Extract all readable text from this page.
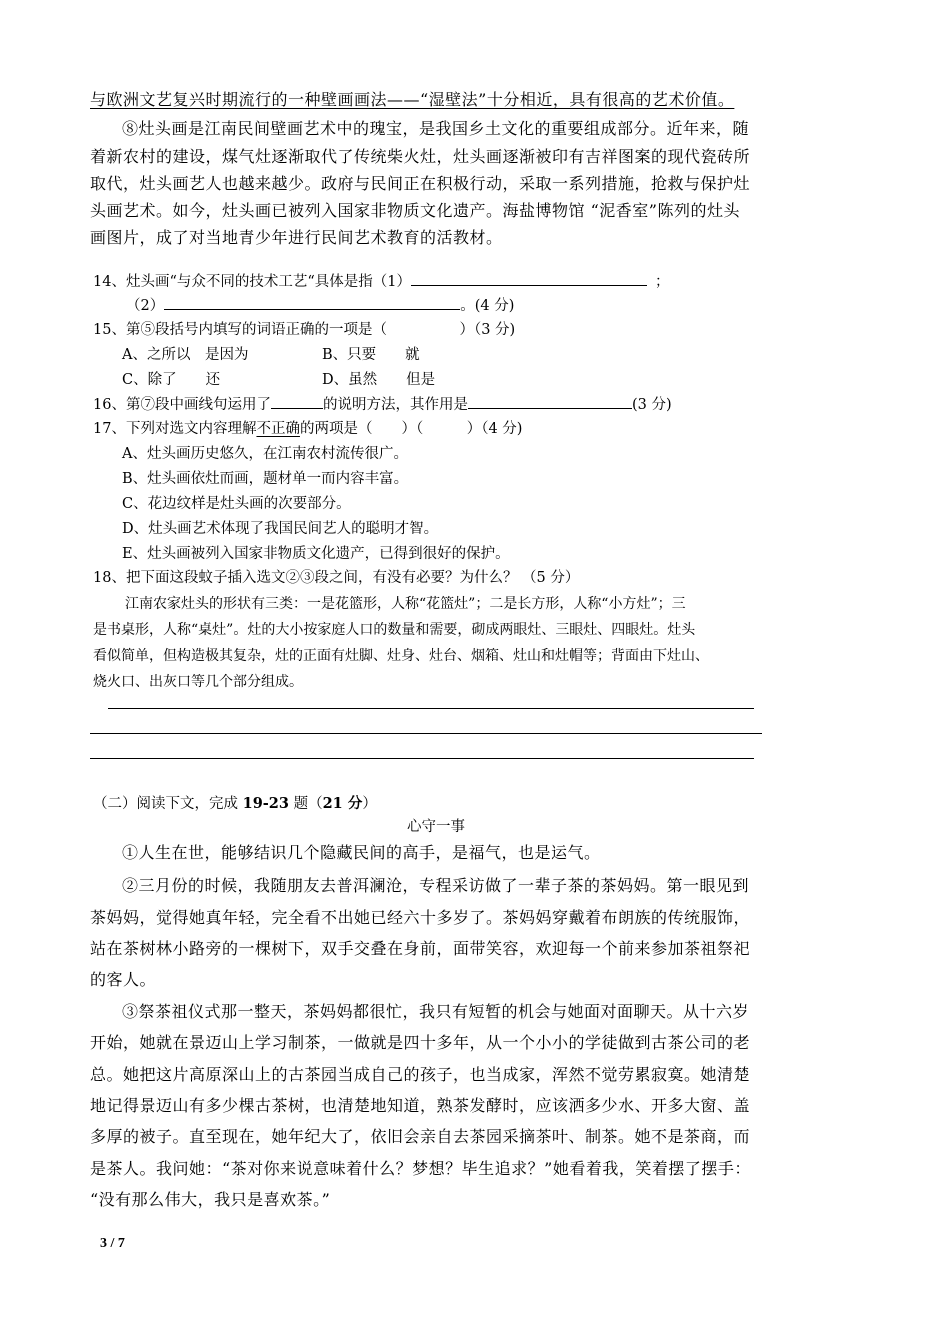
与欧洲文艺复兴时期流行的一种壁画画法——“湿壁法”十分相近，具有很高的艺术价值。
⑧灶头画是江南民间壁画艺术中的瑰宝，是我国乡土文化的重要组成部分。近年来，随
着新农村的建设，煤气灶逐渐取代了传统柴火灶，灶头画逐渐被印有吉祥图案的现代瓷砖所
取代，灶头画艺人也越来越少。政府与民间正在积极行动，采取一系列措施，抢救与保护灶
头画艺术。如今，灶头画已被列入国家非物质文化遗产。海盐博物馆 “泥香室”陈列的灶头
画图片，成了对当地青少年进行民间艺术教育的活教材。
14、灶头画“与众不同的技术工艺“具体是指（1）	；
（2）	。(4 分)
15、第⑤段括号内填写的词语正确的一项是（　　　　　）（3 分)
A、之所以　是因为	B、只要　　就
C、除了　　还	D、虽然　　但是
16、第⑦段中画线句运用了	的说明方法，其作用是	(3 分)
17、下列对选文内容理解不正确的两项是（　　）（　　　）（4 分)
A、灶头画历史悠久，在江南农村流传很广。
B、灶头画依灶而画，题材单一而内容丰富。
C、花边纹样是灶头画的次要部分。
D、灶头画艺术体现了我国民间艺人的聪明才智。
E、灶头画被列入国家非物质文化遗产，已得到很好的保护。
18、把下面这段蚊子插入选文②③段之间，有没有必要？为什么？ （5 分）
江南农家灶头的形状有三类：一是花篮形，人称“花篮灶”；二是长方形，人称“小方灶”；三
是书桌形，人称“桌灶”。灶的大小按家庭人口的数量和需要，砌成两眼灶、三眼灶、四眼灶。灶头
看似简单，但构造极其复杂，灶的正面有灶脚、灶身、灶台、烟箱、灶山和灶帽等；背面由下灶山、
烧火口、出灰口等几个部分组成。
（二）阅读下文，完成 19-23 题（21 分）
心守一事
①人生在世，能够结识几个隐藏民间的高手，是福气，也是运气。
②三月份的时候，我随朋友去普洱澜沧，专程采访做了一辈子茶的茶妈妈。第一眼见到
茶妈妈，觉得她真年轻，完全看不出她已经六十多岁了。茶妈妈穿戴着布朗族的传统服饰，
站在茶树林小路旁的一棵树下，双手交叠在身前，面带笑容，欢迎每一个前来参加茶祖祭祀
的客人。
③祭茶祖仪式那一整天，茶妈妈都很忙，我只有短暂的机会与她面对面聊天。从十六岁
开始，她就在景迈山上学习制茶，一做就是四十多年，从一个小小的学徒做到古茶公司的老
总。她把这片高原深山上的古茶园当成自己的孩子，也当成家，浑然不觉劳累寂寞。她清楚
地记得景迈山有多少棵古茶树，也清楚地知道，熟茶发酵时，应该洒多少水、开多大窗、盖
多厚的被子。直至现在，她年纪大了，依旧会亲自去茶园采摘茶叶、制茶。她不是茶商，而
是茶人。我问她：“茶对你来说意味着什么？梦想？毕生追求？”她看着我，笑着摆了摆手：
“没有那么伟大，我只是喜欢茶。”
3 / 7
